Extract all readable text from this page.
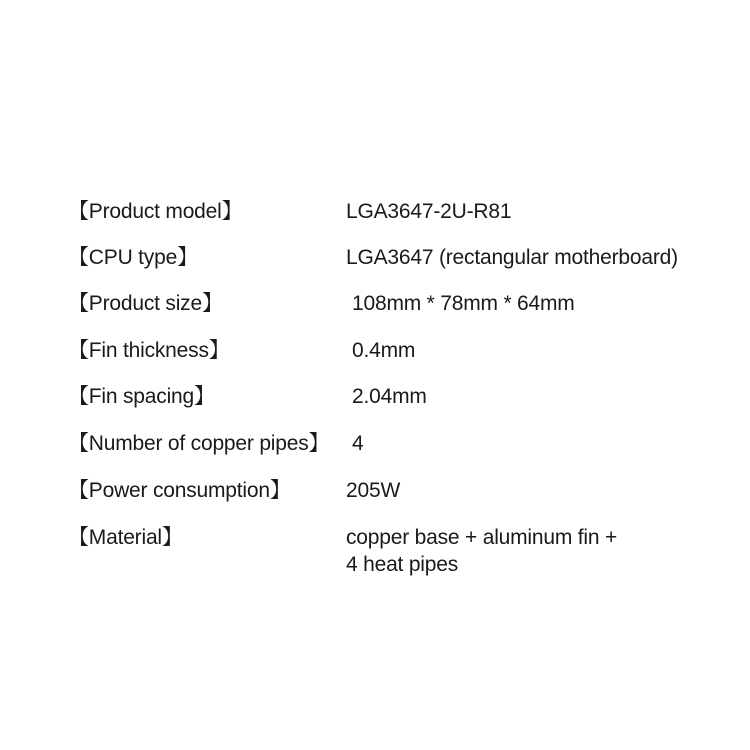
【Product model】	LGA3647-2U-R81
【CPU type】	LGA3647 (rectangular motherboard)
【Product size】	108mm * 78mm * 64mm
【Fin thickness】	0.4mm
【Fin spacing】	2.04mm
【Number of copper pipes】 4
【Power consumption】	205W
【Material】	copper base + aluminum fin +
4 heat pipes
